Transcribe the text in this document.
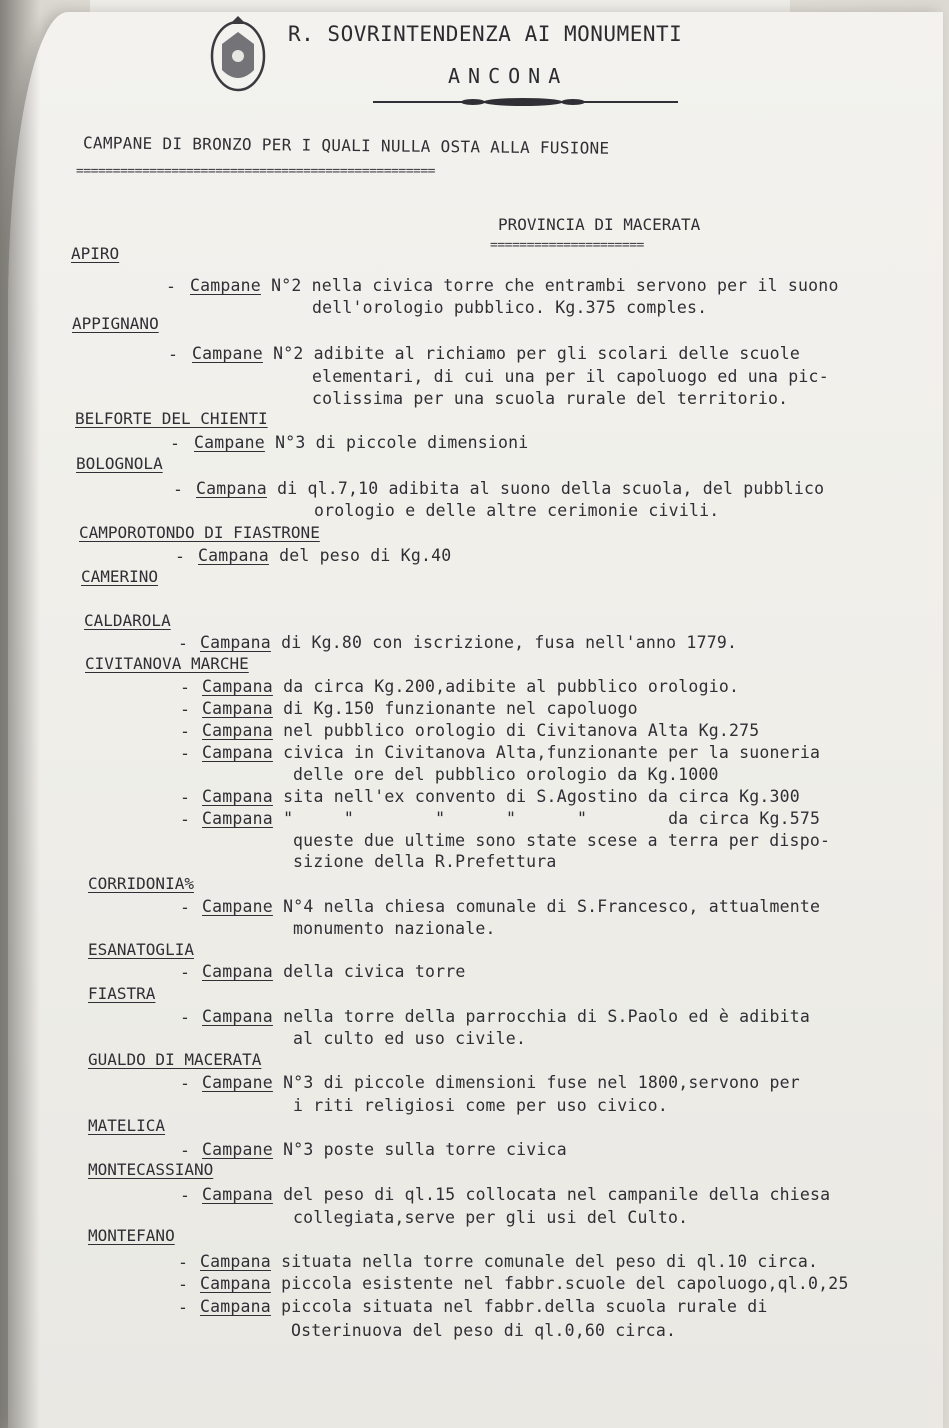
R. SOVRINTENDENZA AI MONUMENTI
ANCONA
CAMPANE DI BRONZO PER I QUALI NULLA OSTA ALLA FUSIONE
=================================================
PROVINCIA DI MACERATA
=====================
APIRO
- Campane N°2 nella civica torre che entrambi servono per il suono
dell'orologio pubblico. Kg.375 comples.
APPIGNANO
- Campane N°2 adibite al richiamo per gli scolari delle scuole
elementari, di cui una per il capoluogo ed una pic-
colissima per una scuola rurale del territorio.
BELFORTE DEL CHIENTI
- Campane N°3 di piccole dimensioni
BOLOGNOLA
- Campana di ql.7,10 adibita al suono della scuola, del pubblico
orologio e delle altre cerimonie civili.
CAMPOROTONDO DI FIASTRONE
- Campana del peso di Kg.40
CAMERINO
CALDAROLA
- Campana di Kg.80 con iscrizione, fusa nell'anno 1779.
CIVITANOVA MARCHE
- Campana da circa Kg.200,adibite al pubblico orologio.
- Campana di Kg.150 funzionante nel capoluogo
- Campana nel pubblico orologio di Civitanova Alta Kg.275
- Campana civica in Civitanova Alta,funzionante per la suoneria
delle ore del pubblico orologio da Kg.1000
- Campana sita nell'ex convento di S.Agostino da circa Kg.300
- Campana "     "        "      "      "        da circa Kg.575
queste due ultime sono state scese a terra per dispo-
sizione della R.Prefettura
CORRIDONIA%
- Campane N°4 nella chiesa comunale di S.Francesco, attualmente
monumento nazionale.
ESANATOGLIA
- Campana della civica torre
FIASTRA
- Campana nella torre della parrocchia di S.Paolo ed è adibita
al culto ed uso civile.
GUALDO DI MACERATA
- Campane N°3 di piccole dimensioni fuse nel 1800,servono per
i riti religiosi come per uso civico.
MATELICA
- Campane N°3 poste sulla torre civica
MONTECASSIANO
- Campana del peso di ql.15 collocata nel campanile della chiesa
collegiata,serve per gli usi del Culto.
MONTEFANO
- Campana situata nella torre comunale del peso di ql.10 circa.
- Campana piccola esistente nel fabbr.scuole del capoluogo,ql.0,25
- Campana piccola situata nel fabbr.della scuola rurale di
Osterinuova del peso di ql.0,60 circa.
